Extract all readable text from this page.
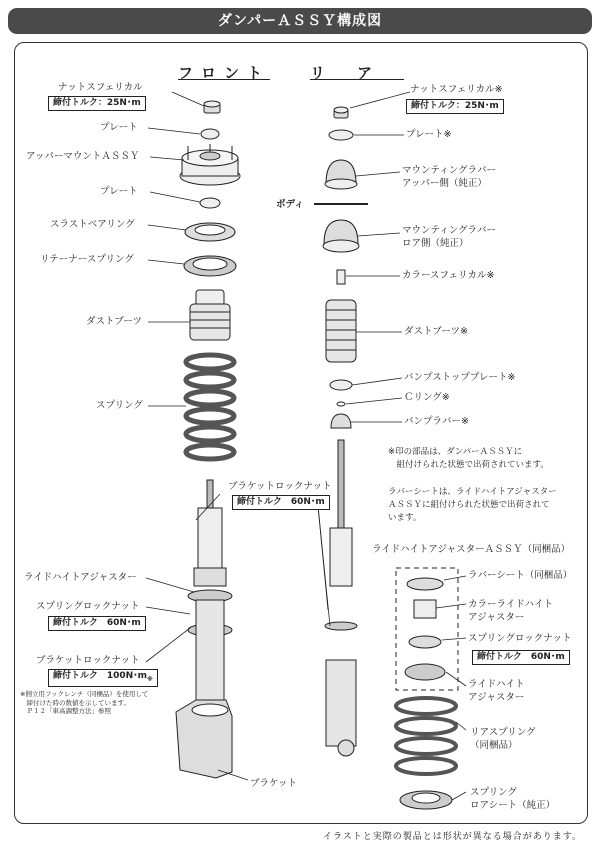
ダンパーＡＳＳＹ構成図
フロント	リア
ナットスフェリカル
締付トルク：25N･m
プレート
アッパーマウントＡＳＳＹ
プレート
スラストベアリング
リテーナースプリング
ダストブーツ
スプリング
ブラケットロックナット
締付トルク　60N･m
ライドハイトアジャスター
スプリングロックナット
締付トルク　60N･m
ブラケットロックナット
締付トルク　100N･$m_※$
※側立用フックレンチ（同梱品）を使用して
　締付けた時の数値を示しています。
　Ｐ１２「車高調整方法」参照
ブラケット
ナットスフェリカル※
締付トルク：25N･m
プレート※
マウンティングラバー
アッパー側（純正）
ボディ
マウンティングラバー
ロア側（純正）
カラースフェリカル※
ダストブーツ※
バンプストッププレート※
Ｃリング※
バンプラバー※
※印の部品は、ダンパーＡＳＳＹに
　組付けられた状態で出荷されています。
ラバーシートは、ライドハイトアジャスター
ＡＳＳＹに組付けられた状態で出荷されて
います。
ライドハイトアジャスターＡＳＳＹ（同梱品）
ラバーシート（同梱品）
カラーライドハイト
アジャスター
スプリングロックナット
締付トルク　60N･m
ライドハイト
アジャスター
リアスプリング
（同梱品）
スプリング
ロアシート（純正）
イラストと実際の製品とは形状が異なる場合があります。
